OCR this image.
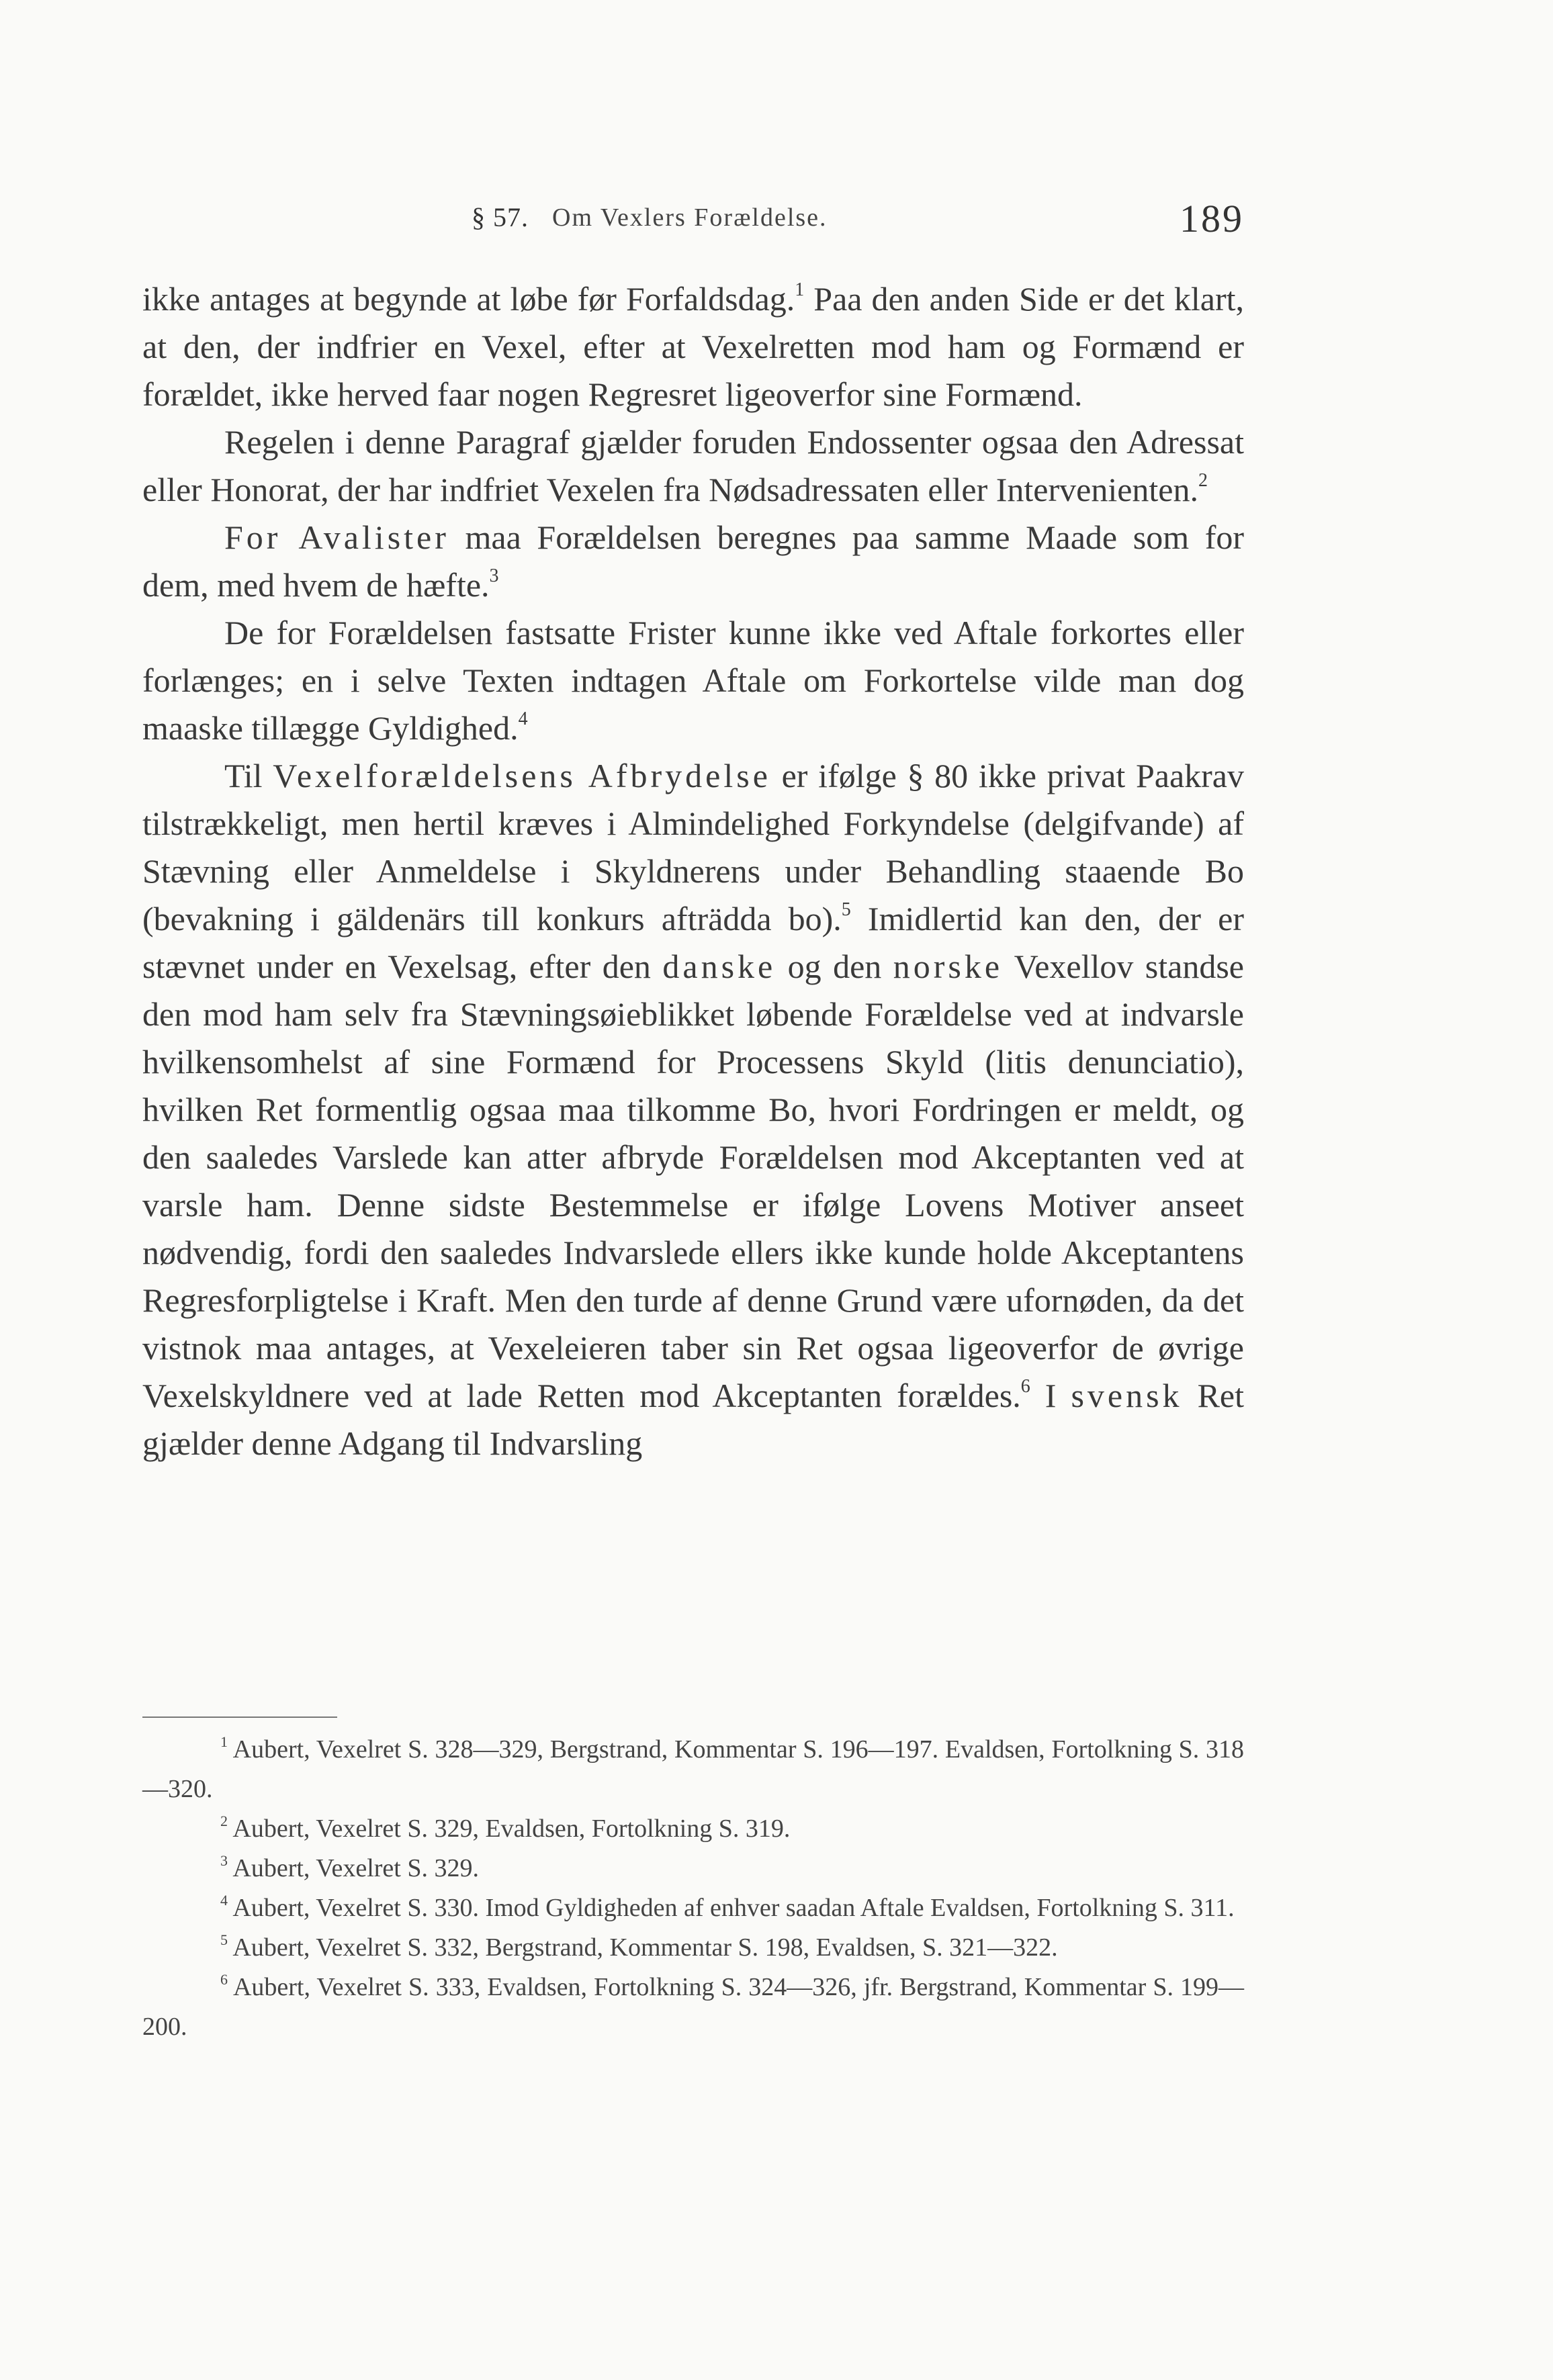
§ 57. Om Vexlers Forældelse.	189

ikke antages at begynde at løbe før Forfaldsdag.$^1$ Paa den anden Side er det klart, at den, der indfrier en Vexel, efter at Vexelretten mod ham og Formænd er forældet, ikke herved faar nogen Regresret ligeoverfor sine Formænd.

Regelen i denne Paragraf gjælder foruden Endossenter ogsaa den Adressat eller Honorat, der har indfriet Vexelen fra Nødsadressaten eller Intervenienten.$^2$

For Avalister maa Forældelsen beregnes paa samme Maade som for dem, med hvem de hæfte.$^3$

De for Forældelsen fastsatte Frister kunne ikke ved Aftale forkortes eller forlænges; en i selve Texten indtagen Aftale om Forkortelse vilde man dog maaske tillægge Gyldighed.$^4$

Til Vexelforældelsens Afbrydelse er ifølge § 80 ikke privat Paakrav tilstrækkeligt, men hertil kræves i Almindelighed Forkyndelse (delgifvande) af Stævning eller Anmeldelse i Skyldnerens under Behandling staaende Bo (bevakning i gäldenärs till konkurs afträdda bo).$^5$ Imidlertid kan den, der er stævnet under en Vexelsag, efter den danske og den norske Vexellov standse den mod ham selv fra Stævningsøieblikket løbende Forældelse ved at indvarsle hvilkensomhelst af sine Formænd for Processens Skyld (litis denunciatio), hvilken Ret formentlig ogsaa maa tilkomme Bo, hvori Fordringen er meldt, og den saaledes Varslede kan atter afbryde Forældelsen mod Akceptanten ved at varsle ham. Denne sidste Bestemmelse er ifølge Lovens Motiver anseet nødvendig, fordi den saaledes Indvarslede ellers ikke kunde holde Akceptantens Regresforpligtelse i Kraft. Men den turde af denne Grund være ufornøden, da det vistnok maa antages, at Vexeleieren taber sin Ret ogsaa ligeoverfor de øvrige Vexelskyldnere ved at lade Retten mod Akceptanten forældes.$^6$ I svensk Ret gjælder denne Adgang til Indvarsling

$^1$ Aubert, Vexelret S. 328—329, Bergstrand, Kommentar S. 196—197. Evaldsen, Fortolkning S. 318—320.

$^2$ Aubert, Vexelret S. 329, Evaldsen, Fortolkning S. 319.

$^3$ Aubert, Vexelret S. 329.

$^4$ Aubert, Vexelret S. 330. Imod Gyldigheden af enhver saadan Aftale Evaldsen, Fortolkning S. 311.

$^5$ Aubert, Vexelret S. 332, Bergstrand, Kommentar S. 198, Evaldsen, S. 321—322.

$^6$ Aubert, Vexelret S. 333, Evaldsen, Fortolkning S. 324—326, jfr. Bergstrand, Kommentar S. 199—200.
